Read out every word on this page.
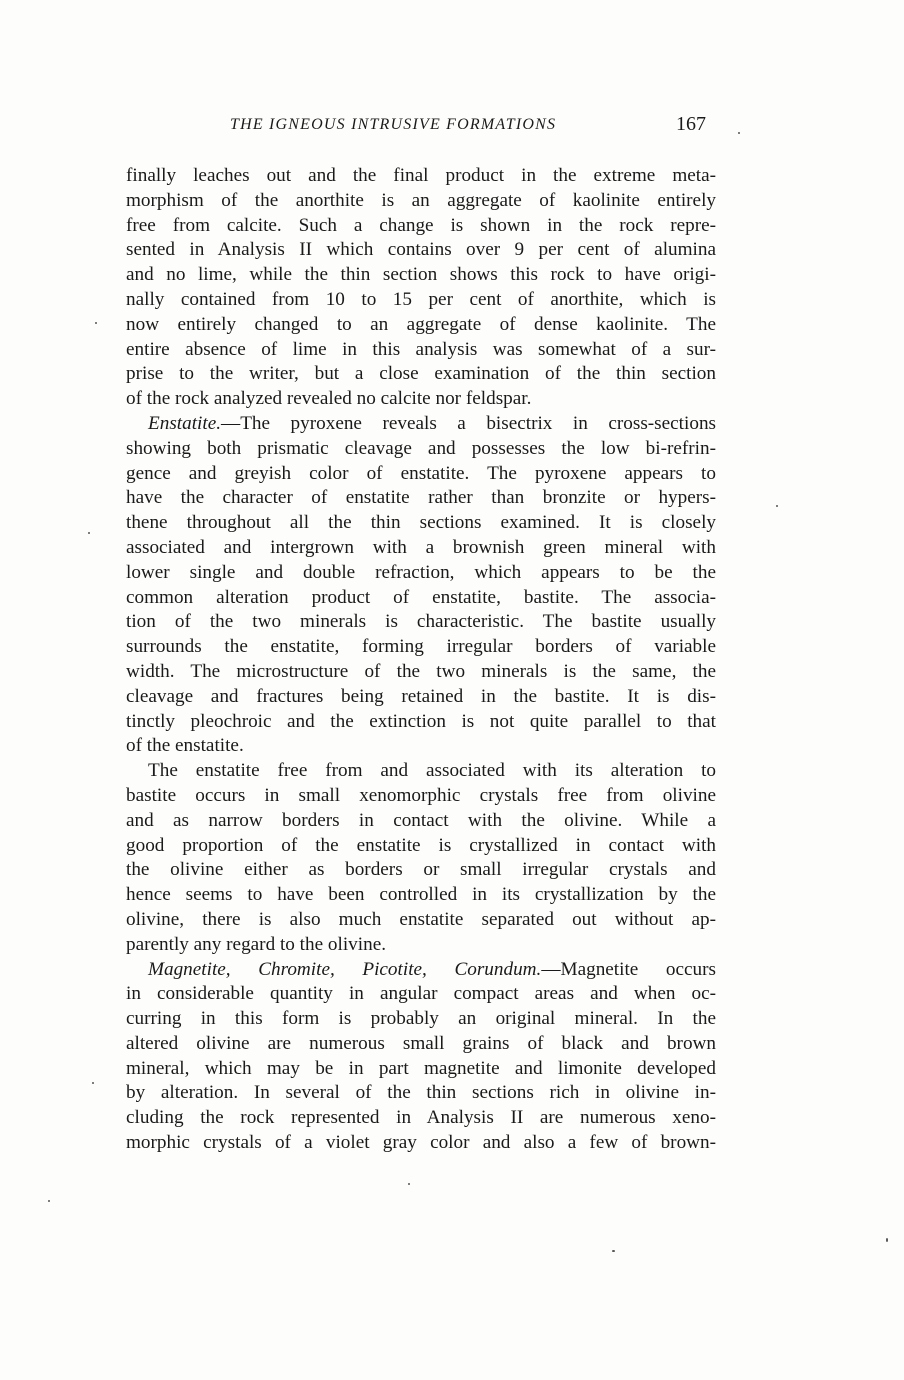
THE IGNEOUS INTRUSIVE FORMATIONS	167
finally leaches out and the final product in the extreme meta-
morphism of the anorthite is an aggregate of kaolinite entirely
free from calcite. Such a change is shown in the rock repre-
sented in Analysis II which contains over 9 per cent of alumina
and no lime, while the thin section shows this rock to have origi-
nally contained from 10 to 15 per cent of anorthite, which is
now entirely changed to an aggregate of dense kaolinite. The
entire absence of lime in this analysis was somewhat of a sur-
prise to the writer, but a close examination of the thin section
of the rock analyzed revealed no calcite nor feldspar.
Enstatite.—The pyroxene reveals a bisectrix in cross-sections
showing both prismatic cleavage and possesses the low bi-refrin-
gence and greyish color of enstatite. The pyroxene appears to
have the character of enstatite rather than bronzite or hypers-
thene throughout all the thin sections examined. It is closely
associated and intergrown with a brownish green mineral with
lower single and double refraction, which appears to be the
common alteration product of enstatite, bastite. The associa-
tion of the two minerals is characteristic. The bastite usually
surrounds the enstatite, forming irregular borders of variable
width. The microstructure of the two minerals is the same, the
cleavage and fractures being retained in the bastite. It is dis-
tinctly pleochroic and the extinction is not quite parallel to that
of the enstatite.
The enstatite free from and associated with its alteration to
bastite occurs in small xenomorphic crystals free from olivine
and as narrow borders in contact with the olivine. While a
good proportion of the enstatite is crystallized in contact with
the olivine either as borders or small irregular crystals and
hence seems to have been controlled in its crystallization by the
olivine, there is also much enstatite separated out without ap-
parently any regard to the olivine.
Magnetite, Chromite, Picotite, Corundum.—Magnetite occurs
in considerable quantity in angular compact areas and when oc-
curring in this form is probably an original mineral. In the
altered olivine are numerous small grains of black and brown
mineral, which may be in part magnetite and limonite developed
by alteration. In several of the thin sections rich in olivine in-
cluding the rock represented in Analysis II are numerous xeno-
morphic crystals of a violet gray color and also a few of brown-
